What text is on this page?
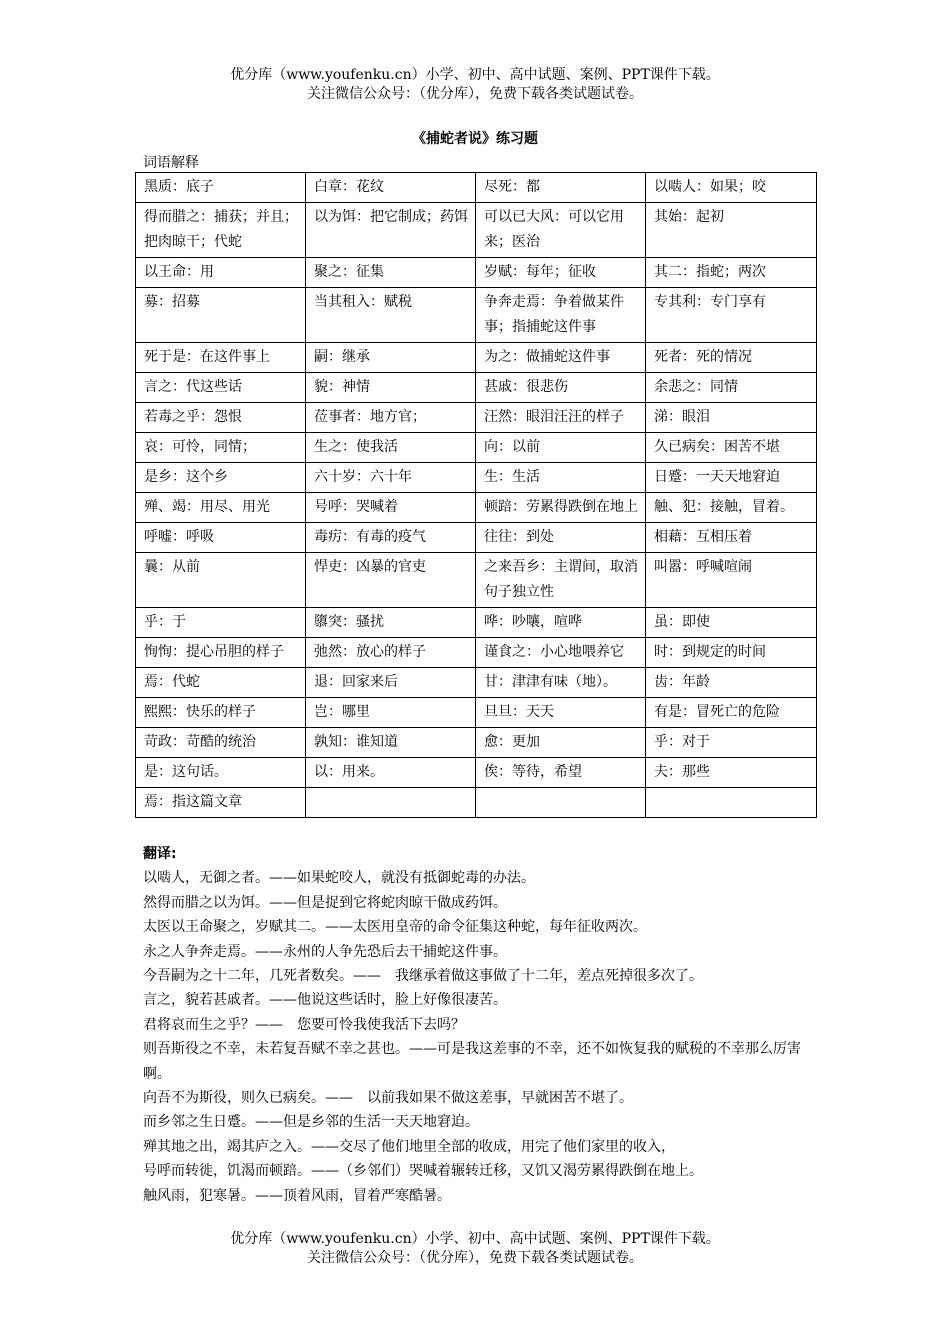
优分库（www.youfenku.cn）小学、初中、高中试题、案例、PPT课件下载。
关注微信公众号：（优分库），免费下载各类试题试卷。
《捕蛇者说》练习题
词语解释
黑质：底子	白章：花纹	尽死：都	以啮人：如果；咬
得而腊之：捕获；并且；把肉晾干；代蛇	以为饵：把它制成；药饵	可以已大风：可以它用来；医治	其始：起初
以王命：用	聚之：征集	岁赋：每年；征收	其二：指蛇；两次
募：招募	当其租入：赋税	争奔走焉：争着做某件事；指捕蛇这件事	专其利：专门享有
死于是：在这件事上	嗣：继承	为之：做捕蛇这件事	死者：死的情况
言之：代这些话	貌：神情	甚戚：很悲伤	余悲之：同情
若毒之乎：怨恨	莅事者：地方官；	汪然：眼泪汪汪的样子	涕：眼泪
哀：可怜，同情；	生之：使我活	向：以前	久已病矣：困苦不堪
是乡：这个乡	六十岁：六十年	生：生活	日蹙：一天天地窘迫
殚、竭：用尽、用光	号呼：哭喊着	顿踣：劳累得跌倒在地上	触、犯：接触，冒着。
呼嘘：呼吸	毒疠：有毒的疫气	往往：到处	相藉：互相压着
曩：从前	悍吏：凶暴的官吏	之来吾乡：主谓间，取消句子独立性	叫嚣：呼喊喧闹
乎：于	隳突：骚扰	哗：吵嚷，喧哗	虽：即使
恂恂：提心吊胆的样子	弛然：放心的样子	谨食之：小心地喂养它	时：到规定的时间
焉：代蛇	退：回家来后	甘：津津有味（地）。	齿：年龄
熙熙：快乐的样子	岂：哪里	旦旦：天天	有是：冒死亡的危险
苛政：苛酷的统治	孰知：谁知道	愈：更加	乎：对于
是：这句话。	以：用来。	俟：等待，希望	夫：那些
焉：指这篇文章			
翻译:

以啮人，无御之者。——如果蛇咬人，就没有抵御蛇毒的办法。

然得而腊之以为饵。——但是捉到它将蛇肉晾干做成药饵。

太医以王命聚之，岁赋其二。——太医用皇帝的命令征集这种蛇，每年征收两次。

永之人争奔走焉。——永州的人争先恐后去干捕蛇这件事。

今吾嗣为之十二年，几死者数矣。——　我继承着做这事做了十二年，差点死掉很多次了。

言之，貌若甚戚者。——他说这些话时，脸上好像很凄苦。

君将哀而生之乎？——　您要可怜我使我活下去吗？

则吾斯役之不幸，未若复吾赋不幸之甚也。——可是我这差事的不幸，还不如恢复我的赋税的不幸那么厉害啊。

向吾不为斯役，则久已病矣。——　以前我如果不做这差事，早就困苦不堪了。

而乡邻之生日蹙。——但是乡邻的生活一天天地窘迫。

殚其地之出，竭其庐之入。——交尽了他们地里全部的收成，用完了他们家里的收入，

号呼而转徙，饥渴而顿踣。——（乡邻们）哭喊着辗转迁移，又饥又渴劳累得跌倒在地上。

触风雨，犯寒暑。——顶着风雨，冒着严寒酷暑。

优分库（www.youfenku.cn）小学、初中、高中试题、案例、PPT课件下载。
关注微信公众号：（优分库），免费下载各类试题试卷。
